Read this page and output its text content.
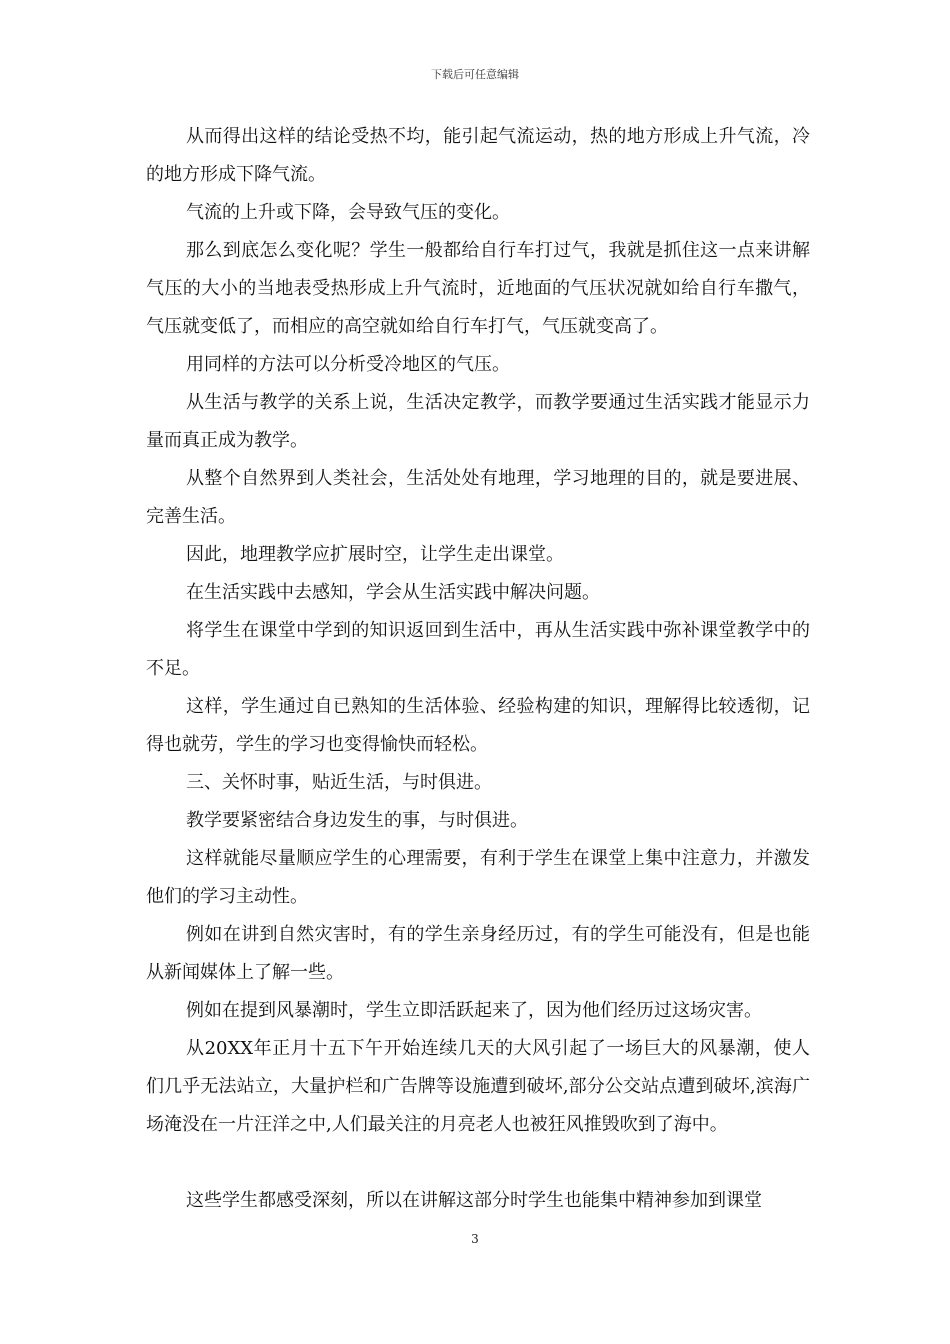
下载后可任意编辑

从而得出这样的结论受热不均，能引起气流运动，热的地方形成上升气流，冷的地方形成下降气流。

气流的上升或下降，会导致气压的变化。

那么到底怎么变化呢？学生一般都给自行车打过气，我就是抓住这一点来讲解气压的大小的当地表受热形成上升气流时，近地面的气压状况就如给自行车撒气，气压就变低了，而相应的高空就如给自行车打气，气压就变高了。

用同样的方法可以分析受冷地区的气压。

从生活与教学的关系上说，生活决定教学，而教学要通过生活实践才能显示力量而真正成为教学。

从整个自然界到人类社会，生活处处有地理，学习地理的目的，就是要进展、完善生活。

因此，地理教学应扩展时空，让学生走出课堂。

在生活实践中去感知，学会从生活实践中解决问题。

将学生在课堂中学到的知识返回到生活中，再从生活实践中弥补课堂教学中的不足。

这样，学生通过自已熟知的生活体验、经验构建的知识，理解得比较透彻，记得也就劳，学生的学习也变得愉快而轻松。

三、关怀时事，贴近生活，与时俱进。

教学要紧密结合身边发生的事，与时俱进。

这样就能尽量顺应学生的心理需要，有利于学生在课堂上集中注意力，并激发他们的学习主动性。

例如在讲到自然灾害时，有的学生亲身经历过，有的学生可能没有，但是也能从新闻媒体上了解一些。

例如在提到风暴潮时，学生立即活跃起来了，因为他们经历过这场灾害。

从20XX年正月十五下午开始连续几天的大风引起了一场巨大的风暴潮，使人们几乎无法站立，大量护栏和广告牌等设施遭到破坏,部分公交站点遭到破坏,滨海广场淹没在一片汪洋之中,人们最关注的月亮老人也被狂风推毁吹到了海中。

这些学生都感受深刻，所以在讲解这部分时学生也能集中精神参加到课堂

3
